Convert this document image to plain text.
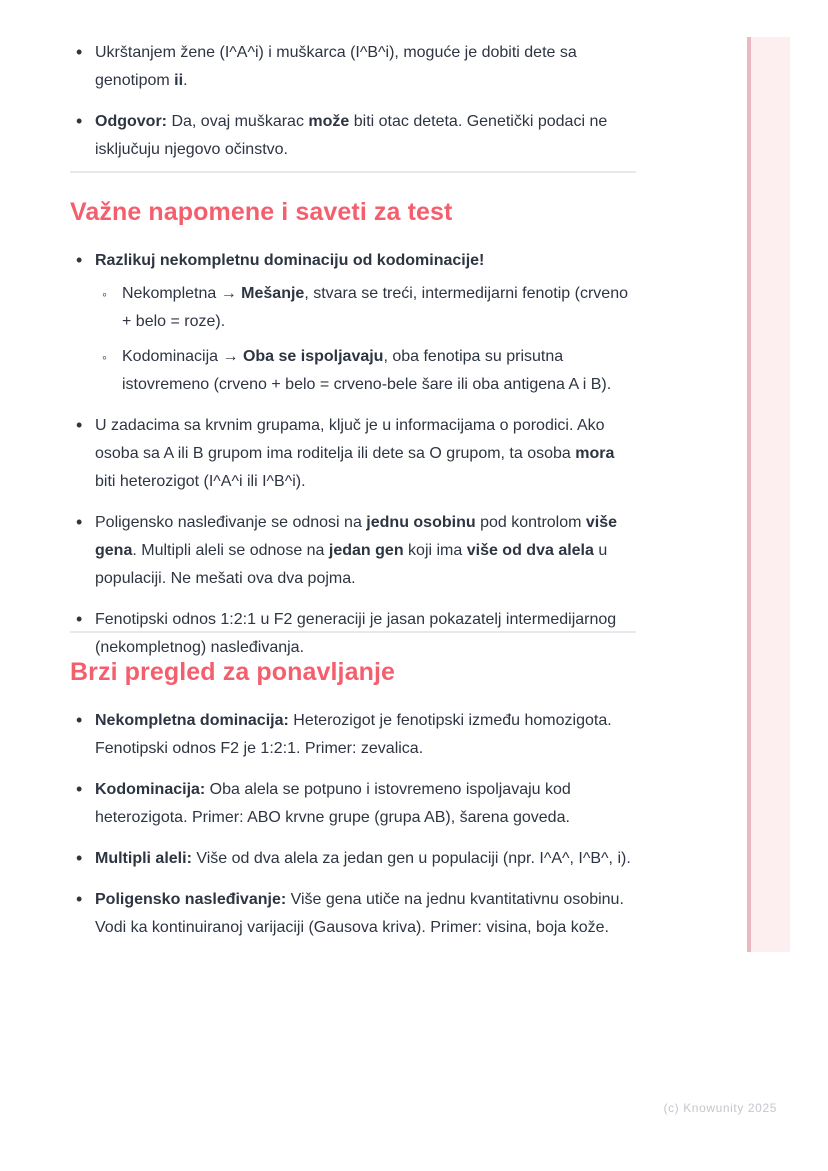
• Ukrštanjem žene (I^A^i) i muškarca (I^B^i), moguće je dobiti dete sa genotipom ii.
• Odgovor: Da, ovaj muškarac može biti otac deteta. Genetički podaci ne isključuju njegovo očinstvo.
Važne napomene i saveti za test
• Razlikuj nekompletnu dominaciju od kodominacije!
◦ Nekompletna → Mešanje, stvara se treći, intermedijarni fenotip (crveno + belo = roze).
◦ Kodominacija → Oba se ispoljavaju, oba fenotipa su prisutna istovremeno (crveno + belo = crveno-bele šare ili oba antigena A i B).
• U zadacima sa krvnim grupama, ključ je u informacijama o porodici. Ako osoba sa A ili B grupom ima roditelja ili dete sa O grupom, ta osoba mora biti heterozigot (I^A^i ili I^B^i).
• Poligensko nasleđivanje se odnosi na jednu osobinu pod kontrolom više gena. Multipli aleli se odnose na jedan gen koji ima više od dva alela u populaciji. Ne mešati ova dva pojma.
• Fenotipski odnos 1:2:1 u F2 generaciji je jasan pokazatelj intermedijarnog (nekompletnog) nasleđivanja.
Brzi pregled za ponavljanje
• Nekompletna dominacija: Heterozigot je fenotipski između homozigota. Fenotipski odnos F2 je 1:2:1. Primer: zevalica.
• Kodominacija: Oba alela se potpuno i istovremeno ispoljavaju kod heterozigota. Primer: ABO krvne grupe (grupa AB), šarena goveda.
• Multipli aleli: Više od dva alela za jedan gen u populaciji (npr. I^A^, I^B^, i).
• Poligensko nasleđivanje: Više gena utiče na jednu kvantitativnu osobinu. Vodi ka kontinuiranoj varijaciji (Gausova kriva). Primer: visina, boja kože.
(c) Knowunity 2025
